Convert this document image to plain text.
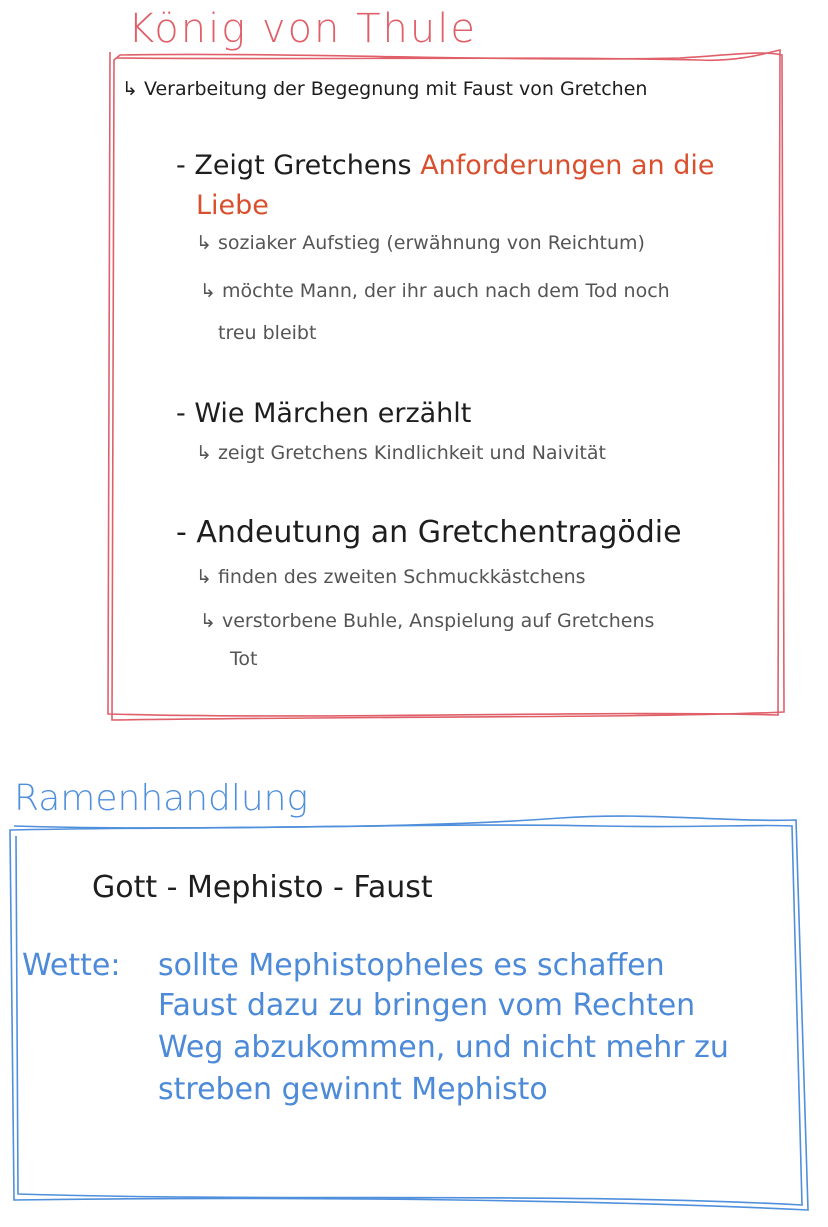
König von Thule
↳ Verarbeitung der Begegnung mit Faust von Gretchen
- Zeigt Gretchens Anforderungen an die
Liebe
↳ soziaker Aufstieg (erwähnung von Reichtum)
↳ möchte Mann, der ihr auch nach dem Tod noch
treu bleibt
- Wie Märchen erzählt
↳ zeigt Gretchens Kindlichkeit und Naivität
- Andeutung an Gretchentragödie
↳ finden des zweiten Schmuckkästchens
↳ verstorbene Buhle, Anspielung auf Gretchens
Tot
Ramenhandlung
Gott - Mephisto - Faust
Wette: sollte Mephistopheles es schaffen
Faust dazu zu bringen vom Rechten
Weg abzukommen, und nicht mehr zu
streben gewinnt Mephisto
